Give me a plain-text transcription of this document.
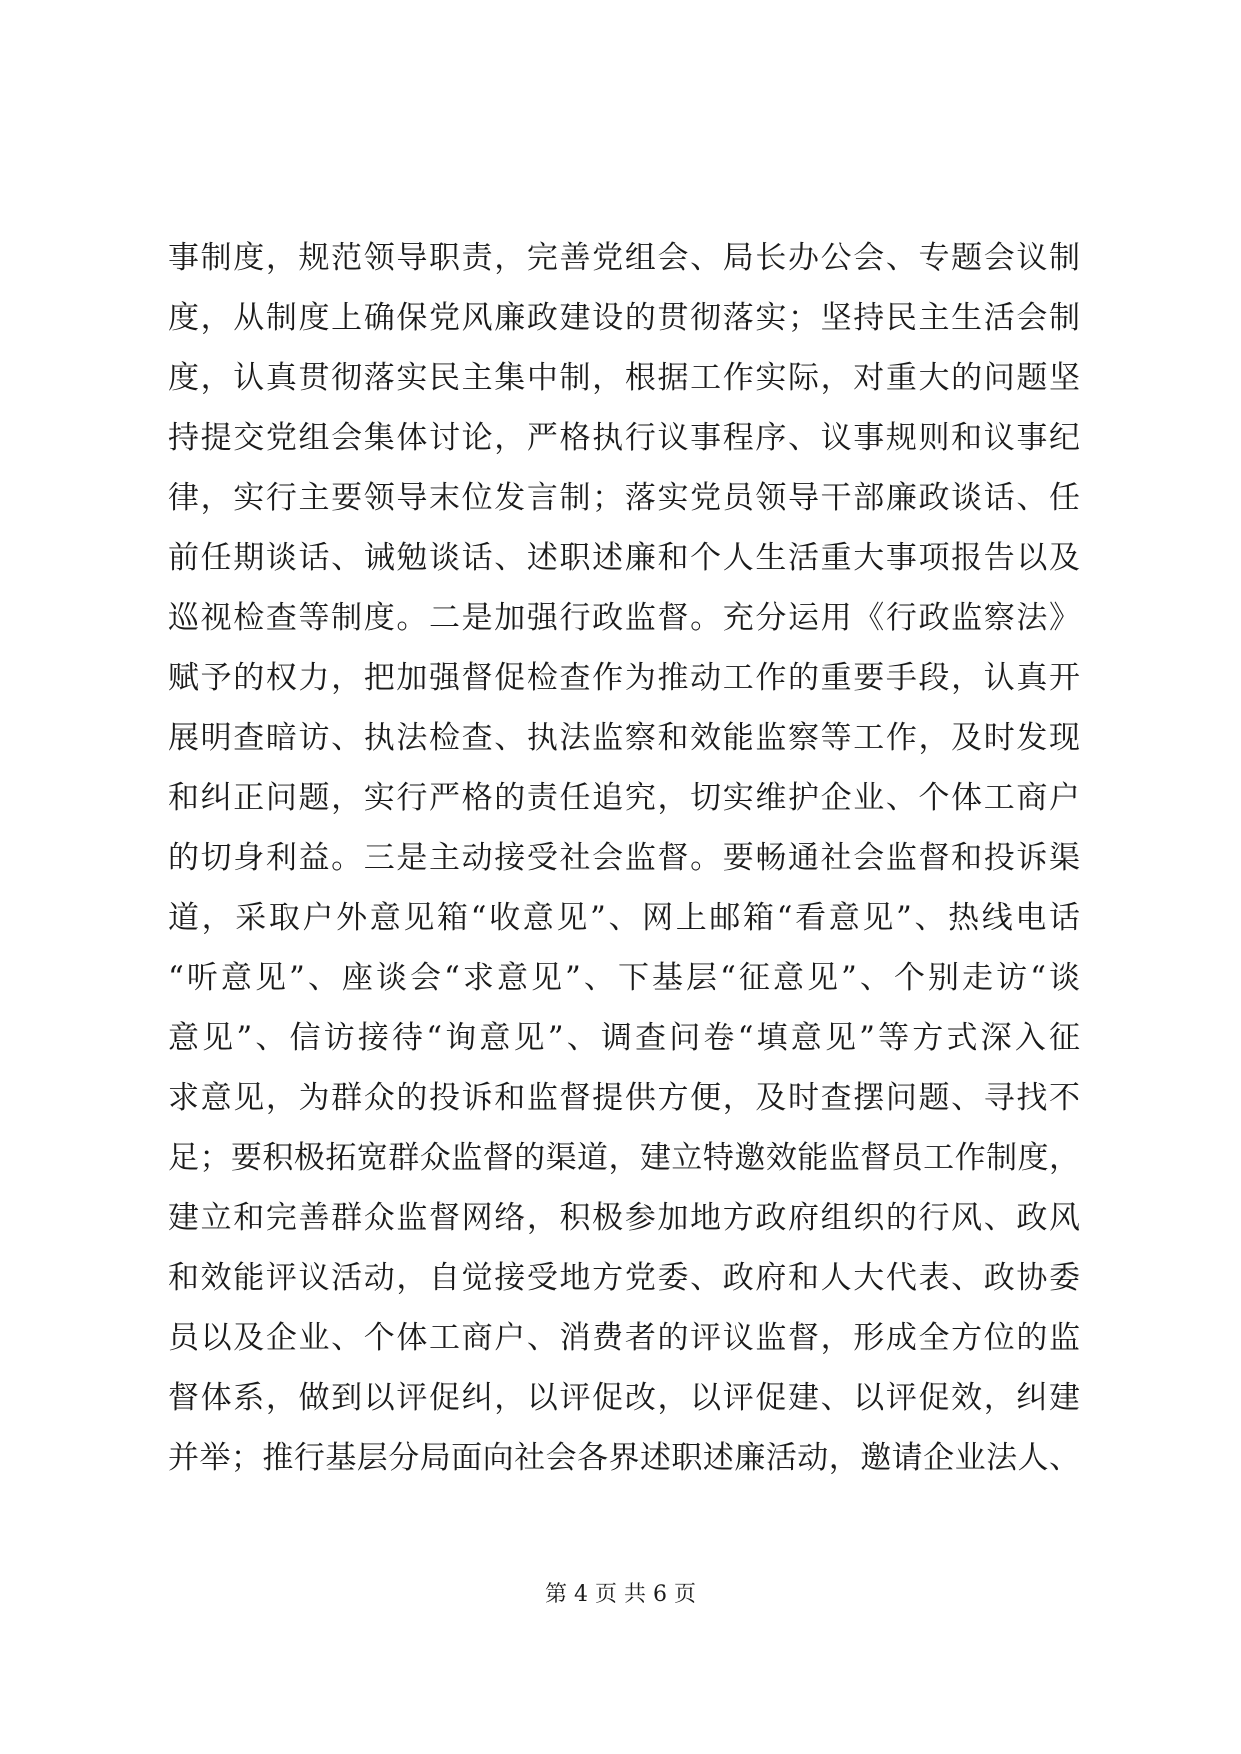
事制度，规范领导职责，完善党组会、局长办公会、专题会议制
度，从制度上确保党风廉政建设的贯彻落实；坚持民主生活会制
度，认真贯彻落实民主集中制，根据工作实际，对重大的问题坚
持提交党组会集体讨论，严格执行议事程序、议事规则和议事纪
律，实行主要领导末位发言制；落实党员领导干部廉政谈话、任
前任期谈话、诫勉谈话、述职述廉和个人生活重大事项报告以及
巡视检查等制度。二是加强行政监督。充分运用《行政监察法》
赋予的权力，把加强督促检查作为推动工作的重要手段，认真开
展明查暗访、执法检查、执法监察和效能监察等工作，及时发现
和纠正问题，实行严格的责任追究，切实维护企业、个体工商户
的切身利益。三是主动接受社会监督。要畅通社会监督和投诉渠
道，采取户外意见箱“收意见”、网上邮箱“看意见”、热线电话
“听意见”、座谈会“求意见”、下基层“征意见”、个别走访“谈
意见”、信访接待“询意见”、调查问卷“填意见”等方式深入征
求意见，为群众的投诉和监督提供方便，及时查摆问题、寻找不
足；要积极拓宽群众监督的渠道，建立特邀效能监督员工作制度，
建立和完善群众监督网络，积极参加地方政府组织的行风、政风
和效能评议活动，自觉接受地方党委、政府和人大代表、政协委
员以及企业、个体工商户、消费者的评议监督，形成全方位的监
督体系，做到以评促纠，以评促改，以评促建、以评促效，纠建
并举；推行基层分局面向社会各界述职述廉活动，邀请企业法人、
第 4 页 共 6 页
